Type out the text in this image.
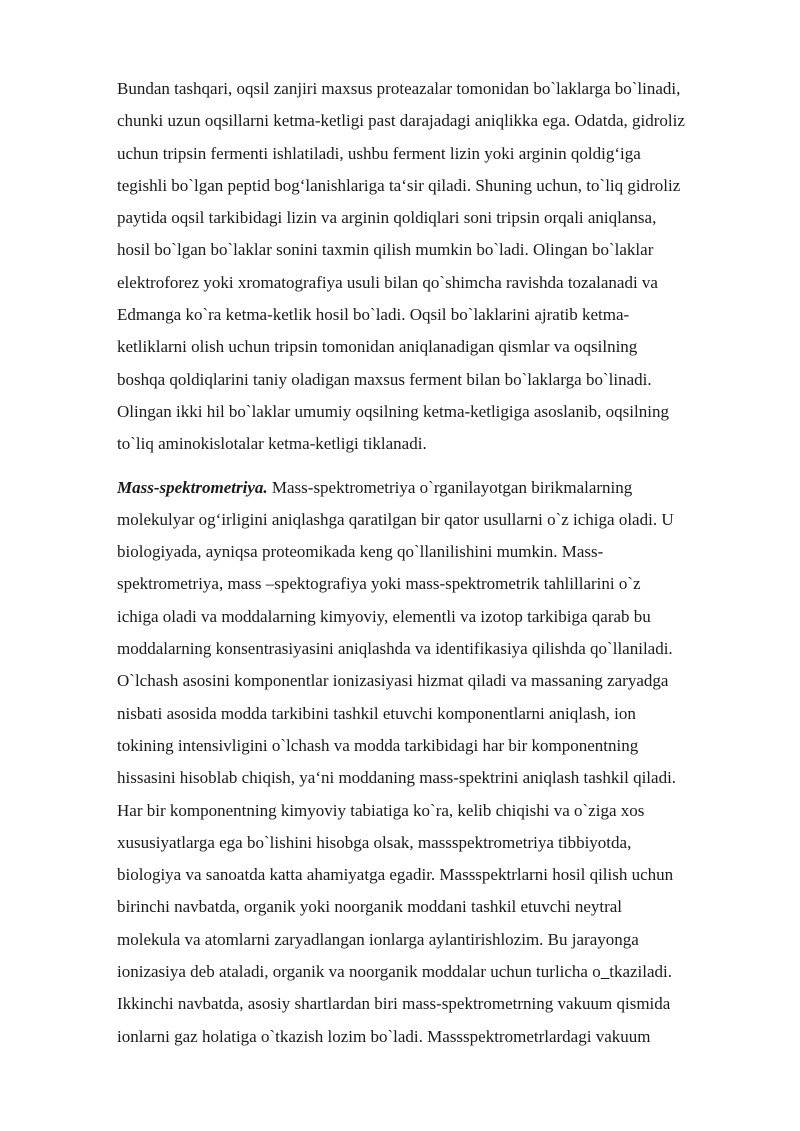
Bundan tashqari, oqsil zanjiri maxsus proteazalar tomonidan bo`laklarga bo`linadi,
chunki uzun oqsillarni ketma-ketligi past darajadagi aniqlikka ega. Odatda, gidroliz
uchun tripsin fermenti ishlatiladi, ushbu ferment lizin yoki arginin qoldig‘iga
tegishli bo`lgan peptid bog‘lanishlariga ta‘sir qiladi. Shuning uchun, to`liq gidroliz
paytida oqsil tarkibidagi lizin va arginin qoldiqlari soni tripsin orqali aniqlansa,
hosil bo`lgan bo`laklar sonini taxmin qilish mumkin bo`ladi. Olingan bo`laklar
elektroforez yoki xromatografiya usuli bilan qo`shimcha ravishda tozalanadi va
Edmanga ko`ra ketma-ketlik hosil bo`ladi. Oqsil bo`laklarini ajratib ketma-
ketliklarni olish uchun tripsin tomonidan aniqlanadigan qismlar va oqsilning
boshqa qoldiqlarini taniy oladigan maxsus ferment bilan bo`laklarga bo`linadi.
Olingan ikki hil bo`laklar umumiy oqsilning ketma-ketligiga asoslanib, oqsilning
to`liq aminokislotalar ketma-ketligi tiklanadi.

Mass-spektrometriya. Mass-spektrometriya o`rganilayotgan birikmalarning
molekulyar og‘irligini aniqlashga qaratilgan bir qator usullarni o`z ichiga oladi. U
biologiyada, ayniqsa proteomikada keng qo`llanilishini mumkin. Mass-
spektrometriya, mass –spektografiya yoki mass-spektrometrik tahlillarini o`z
ichiga oladi va moddalarning kimyoviy, elementli va izotop tarkibiga qarab bu
moddalarning konsentrasiyasini aniqlashda va identifikasiya qilishda qo`llaniladi.
O`lchash asosini komponentlar ionizasiyasi hizmat qiladi va massaning zaryadga
nisbati asosida modda tarkibini tashkil etuvchi komponentlarni aniqlash, ion
tokining intensivligini o`lchash va modda tarkibidagi har bir komponentning
hissasini hisoblab chiqish, ya‘ni moddaning mass-spektrini aniqlash tashkil qiladi.
Har bir komponentning kimyoviy tabiatiga ko`ra, kelib chiqishi va o`ziga xos
xususiyatlarga ega bo`lishini hisobga olsak, massspektrometriya tibbiyotda,
biologiya va sanoatda katta ahamiyatga egadir. Massspektrlarni hosil qilish uchun
birinchi navbatda, organik yoki noorganik moddani tashkil etuvchi neytral
molekula va atomlarni zaryadlangan ionlarga aylantirishlozim. Bu jarayonga
ionizasiya deb ataladi, organik va noorganik moddalar uchun turlicha o_tkaziladi.
Ikkinchi navbatda, asosiy shartlardan biri mass-spektrometrning vakuum qismida
ionlarni gaz holatiga o`tkazish lozim bo`ladi. Massspektrometrlardagi vakuum
